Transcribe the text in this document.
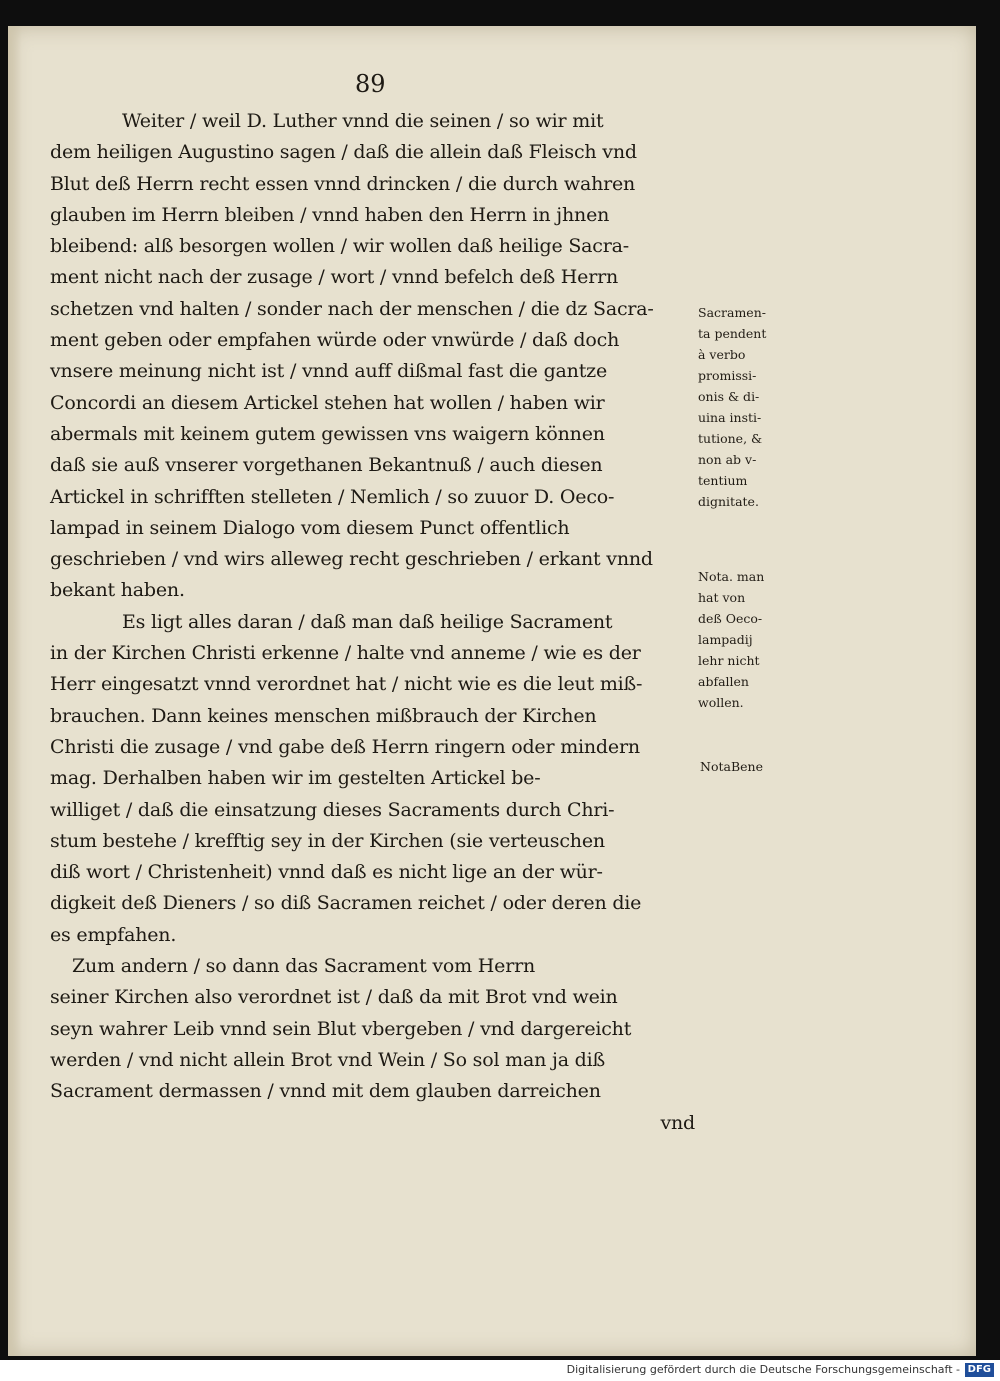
89
Weiter / weil D. Luther vnnd die seinen / so wir mit
dem heiligen Augustino sagen / daß die allein daß Fleisch vnd
Blut deß Herrn recht essen vnnd drincken / die durch wahren
glauben im Herrn bleiben / vnnd haben den Herrn in jhnen
bleibend: alß besorgen wollen / wir wollen daß heilige Sacra-
ment nicht nach der zusage / wort / vnnd befelch deß Herrn
schetzen vnd halten / sonder nach der menschen / die dz Sacra-
ment geben oder empfahen würde oder vnwürde / daß doch
vnsere meinung nicht ist / vnnd auff dißmal fast die gantze
Concordi an diesem Artickel stehen hat wollen / haben wir
abermals mit keinem gutem gewissen vns waigern können
daß sie auß vnserer vorgethanen Bekantnuß / auch diesen
Artickel in schrifften stelleten / Nemlich / so zuuor D. Oeco-
lampad in seinem Dialogo vom diesem Punct offentlich
geschrieben / vnd wirs alleweg recht geschrieben / erkant vnnd
bekant haben.
Es ligt alles daran / daß man daß heilige Sacrament
in der Kirchen Christi erkenne / halte vnd anneme / wie es der
Herr eingesatzt vnnd verordnet hat / nicht wie es die leut miß-
brauchen. Dann keines menschen mißbrauch der Kirchen
Christi die zusage / vnd gabe deß Herrn ringern oder mindern
mag. Derhalben haben wir im gestelten Artickel be-
williget / daß die einsatzung dieses Sacraments durch Chri-
stum bestehe / krefftig sey in der Kirchen (sie verteuschen
diß wort / Christenheit) vnnd daß es nicht lige an der wür-
digkeit deß Dieners / so diß Sacramen reichet / oder deren die
es empfahen.
Zum andern / so dann das Sacrament vom Herrn
seiner Kirchen also verordnet ist / daß da mit Brot vnd wein
seyn wahrer Leib vnnd sein Blut vbergeben / vnd dargereicht
werden / vnd nicht allein Brot vnd Wein / So sol man ja diß
Sacrament dermassen / vnnd mit dem glauben darreichen
vnd
Sacramen-
ta pendent
à verbo
promissi-
onis & di-
uina insti-
tutione, &
non ab v-
tentium
dignitate.
Nota. man
hat von
deß Oeco-
lampadij
lehr nicht
abfallen
wollen.
NotaBene
Digitalisierung gefördert durch die Deutsche Forschungsgemeinschaft - DFG
